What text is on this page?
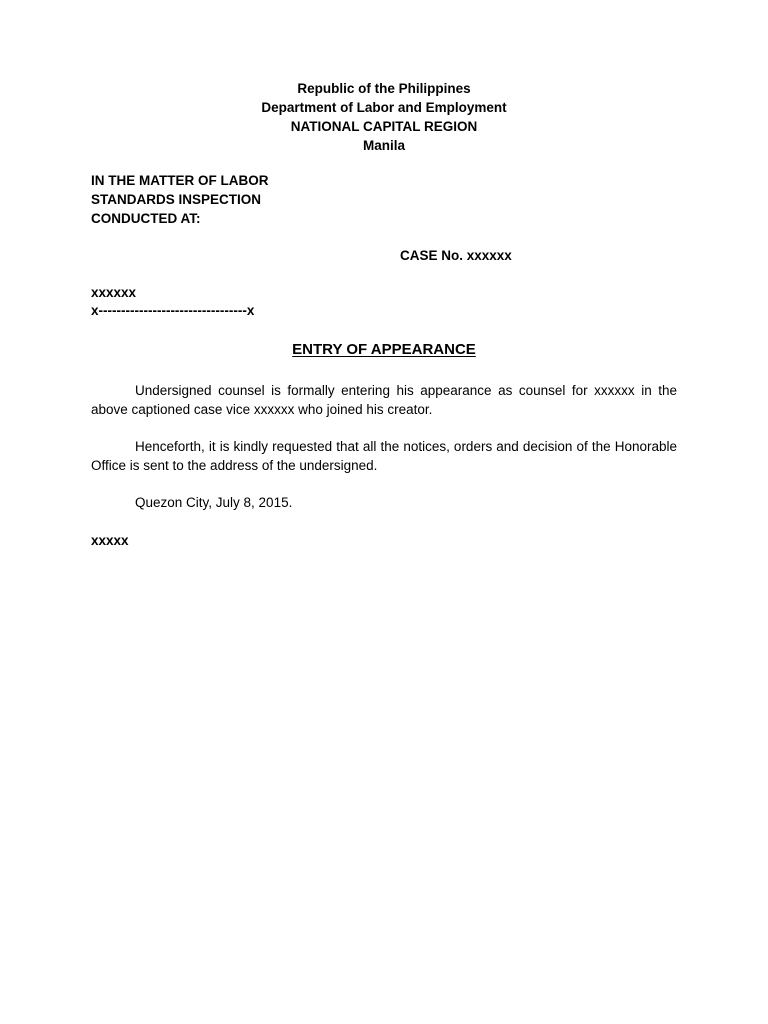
Republic of the Philippines
Department of Labor and Employment
NATIONAL CAPITAL REGION
Manila
IN THE MATTER OF LABOR
STANDARDS INSPECTION
CONDUCTED AT:
CASE No. xxxxxx
xxxxxx
x---------------------------------x
ENTRY OF APPEARANCE
Undersigned counsel is formally entering his appearance as counsel for xxxxxx in the above captioned case vice xxxxxx who joined his creator.
Henceforth, it is kindly requested that all the notices, orders and decision of the Honorable Office is sent to the address of the undersigned.
Quezon City, July 8, 2015.
xxxxx
